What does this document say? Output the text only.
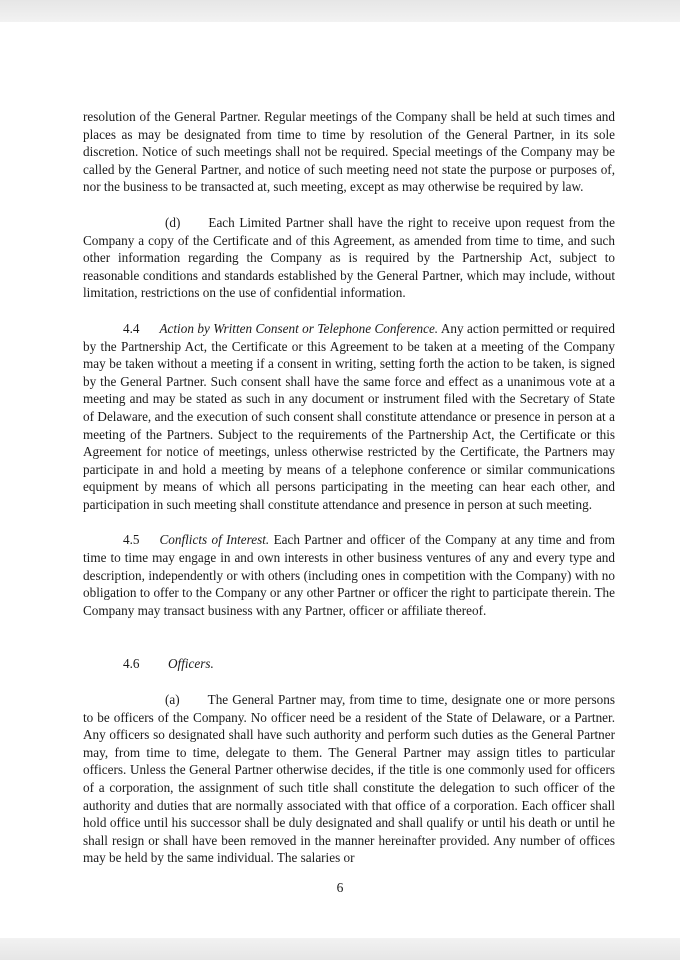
resolution of the General Partner. Regular meetings of the Company shall be held at such times and places as may be designated from time to time by resolution of the General Partner, in its sole discretion. Notice of such meetings shall not be required. Special meetings of the Company may be called by the General Partner, and notice of such meeting need not state the purpose or purposes of, nor the business to be transacted at, such meeting, except as may otherwise be required by law.

(d) Each Limited Partner shall have the right to receive upon request from the Company a copy of the Certificate and of this Agreement, as amended from time to time, and such other information regarding the Company as is required by the Partnership Act, subject to reasonable conditions and standards established by the General Partner, which may include, without limitation, restrictions on the use of confidential information.

4.4 Action by Written Consent or Telephone Conference. Any action permitted or required by the Partnership Act, the Certificate or this Agreement to be taken at a meeting of the Company may be taken without a meeting if a consent in writing, setting forth the action to be taken, is signed by the General Partner. Such consent shall have the same force and effect as a unanimous vote at a meeting and may be stated as such in any document or instrument filed with the Secretary of State of Delaware, and the execution of such consent shall constitute attendance or presence in person at a meeting of the Partners. Subject to the requirements of the Partnership Act, the Certificate or this Agreement for notice of meetings, unless otherwise restricted by the Certificate, the Partners may participate in and hold a meeting by means of a telephone conference or similar communications equipment by means of which all persons participating in the meeting can hear each other, and participation in such meeting shall constitute attendance and presence in person at such meeting.

4.5 Conflicts of Interest. Each Partner and officer of the Company at any time and from time to time may engage in and own interests in other business ventures of any and every type and description, independently or with others (including ones in competition with the Company) with no obligation to offer to the Company or any other Partner or officer the right to participate therein. The Company may transact business with any Partner, officer or affiliate thereof.

4.6 Officers.

(a) The General Partner may, from time to time, designate one or more persons to be officers of the Company. No officer need be a resident of the State of Delaware, or a Partner. Any officers so designated shall have such authority and perform such duties as the General Partner may, from time to time, delegate to them. The General Partner may assign titles to particular officers. Unless the General Partner otherwise decides, if the title is one commonly used for officers of a corporation, the assignment of such title shall constitute the delegation to such officer of the authority and duties that are normally associated with that office of a corporation. Each officer shall hold office until his successor shall be duly designated and shall qualify or until his death or until he shall resign or shall have been removed in the manner hereinafter provided. Any number of offices may be held by the same individual. The salaries or

6
